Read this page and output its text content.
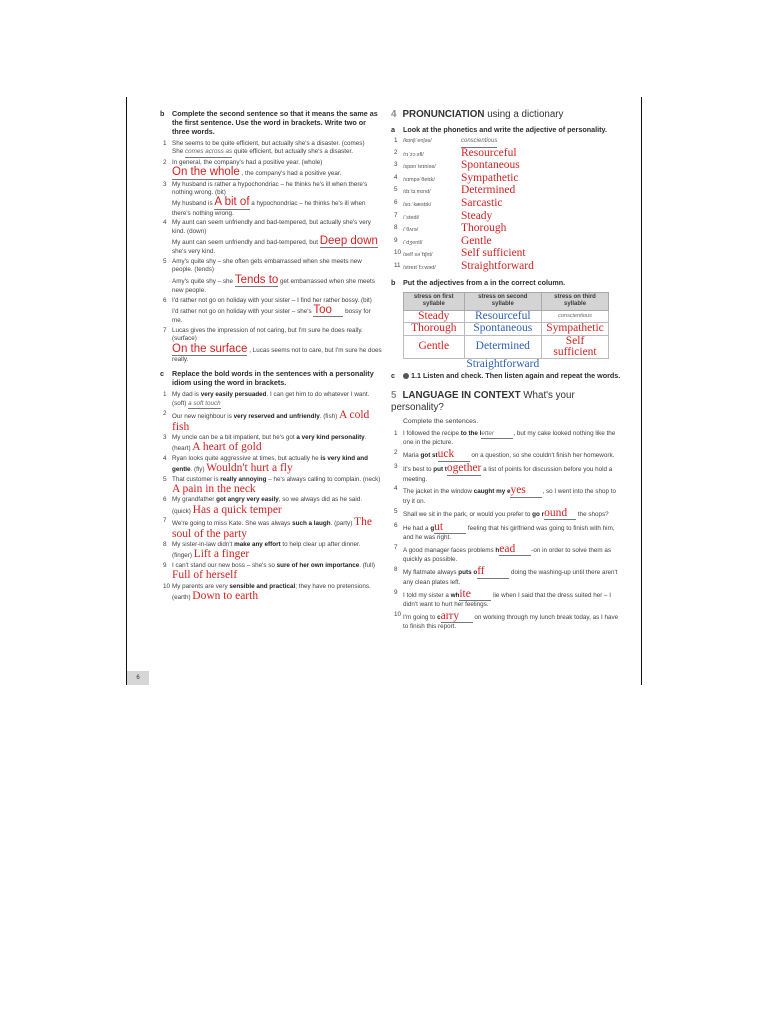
b Complete the second sentence so that it means the same as the first sentence. Use the word in brackets. Write two or three words.
1 She seems to be quite efficient, but actually she's a disaster. (comes)
She comes across as quite efficient, but actually she's a disaster.
2 In general, the company's had a positive year. (whole)
On the whole , the company's had a positive year.
3 My husband is rather a hypochondriac – he thinks he's ill when there's nothing wrong. (bit)
My husband is A bit of a hypochondriac – he thinks he's ill when there's nothing wrong.
4 My aunt can seem unfriendly and bad-tempered, but actually she's very kind. (down)
My aunt can seem unfriendly and bad-tempered, but Deep down she's very kind.
5 Amy's quite shy – she often gets embarrassed when she meets new people. (tends)
Amy's quite shy – she Tends to get embarrassed when she meets new people.
6 I'd rather not go on holiday with your sister – I find her rather bossy. (bit)
I'd rather not go on holiday with your sister – she's Too bossy for me.
7 Lucas gives the impression of not caring, but I'm sure he does really. (surface)
On the surface , Lucas seems not to care, but I'm sure he does really.
c Replace the bold words in the sentences with a personality idiom using the word in brackets.
1 My dad is very easily persuaded. I can get him to do whatever I want. (soft) a soft touch
2 Our new neighbour is very reserved and unfriendly. (fish) A cold fish
3 My uncle can be a bit impatient, but he's got a very kind personality. (heart) A heart of gold
4 Ryan looks quite aggressive at times, but actually he is very kind and gentle. (fly) Wouldn't hurt a fly
5 That customer is really annoying – he's always calling to complain. (neck) A pain in the neck
6 My grandfather got angry very easily, so we always did as he said. (quick) Has a quick temper
7 We're going to miss Kate. She was always such a laugh. (party) The soul of the party
8 My sister-in-law didn't make any effort to help clear up after dinner. (finger) Lift a finger
9 I can't stand our new boss – she's so sure of her own importance. (full) Full of herself
10 My parents are very sensible and practical; they have no pretensions. (earth) Down to earth
4 PRONUNCIATION using a dictionary
a Look at the phonetics and write the adjective of personality.
1 /kɒnʃiˈenʃəs/	conscientious
2 /rɪˈzɔːsfl/	Resourceful
3 /spɒnˈteɪniəs/ Spontaneous
4 /sɪmpəˈθetɪk/ Sympathetic
5 /dɪˈtɜːmɪnd/	Determined
6 /sɑːˈkæstɪk/	Sarcastic
7 /ˈstedi/	Steady
8 /ˈθʌrə/	Thorough
9 /ˈdʒentl/	Gentle
10 /self səˈfɪʃnt/ Self sufficient
11 /streɪtˈfɔːwəd/ Straightforward
b Put the adjectives from a in the correct column.
stress on first syllable	stress on second syllable	stress on third syllable
Steady	Resourceful	conscientious
Thorough	Spontaneous	Sympathetic
Gentle	Determined	Self sufficient
	Straightforward	
c 1.1 Listen and check. Then listen again and repeat the words.
5 LANGUAGE IN CONTEXT What's your personality?
Complete the sentences.
1 I followed the recipe to the letter	, but my cake looked nothing like the one in the picture.
2 Maria got stuck on a question, so she couldn't finish her homework.
3 It's best to put together a list of points for discussion before you hold a meeting.
4 The jacket in the window caught my eyes	, so I went into the shop to try it on.
5 Shall we sit in the park, or would you prefer to go round the shops?
6 He had a gut	feeling that his girlfriend was going to finish with him, and he was right.
7 A good manager faces problems head	-on in order to solve them as quickly as possible.
8 My flatmate always puts off	doing the washing-up until there aren't any clean plates left.
9 I told my sister a white	lie when I said that the dress suited her – I didn't want to hurt her feelings.
10 I'm going to carry on working through my lunch break today, as I have to finish this report.
6
